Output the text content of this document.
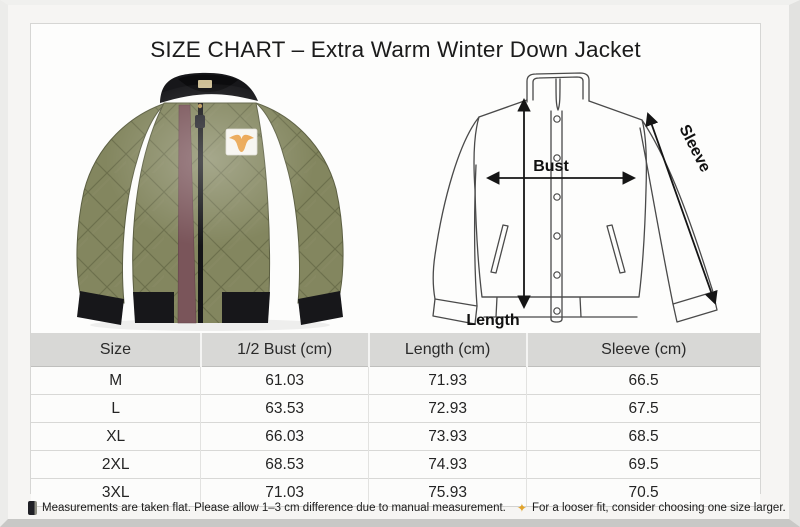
SIZE CHART – Extra Warm Winter Down Jacket
Bust
Length
Sleeve
Size	1/2 Bust (cm)	Length (cm)	Sleeve (cm)
M	61.03	71.93	66.5
L	63.53	72.93	67.5
XL	66.03	73.93	68.5
2XL	68.53	74.93	69.5
3XL	71.03	75.93	70.5
Measurements are taken flat. Please allow 1–3 cm difference due to manual measurement. ✦ For a looser fit, consider choosing one size larger.
